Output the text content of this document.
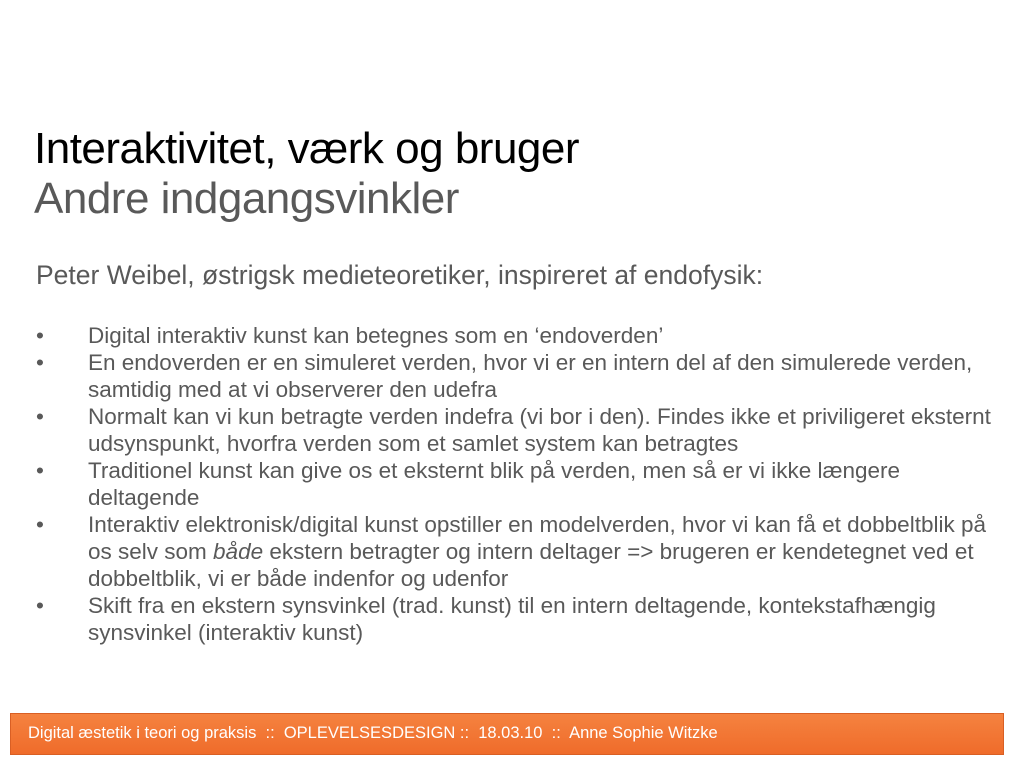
Interaktivitet, værk og bruger
Andre indgangsvinkler
Peter Weibel, østrigsk medieteoretiker, inspireret af endofysik:
•	Digital interaktiv kunst kan betegnes som en ‘endoverden’
•	En endoverden er en simuleret verden, hvor vi er en intern del af den simulerede verden, samtidig med at vi observerer den udefra
•	Normalt kan vi kun betragte verden indefra (vi bor i den). Findes ikke et priviligeret eksternt udsynspunkt, hvorfra verden som et samlet system kan betragtes
•	Traditionel kunst kan give os et eksternt blik på verden, men så er vi ikke længere deltagende
•	Interaktiv elektronisk/digital kunst opstiller en modelverden, hvor vi kan få et dobbeltblik på os selv som både ekstern betragter og intern deltager => brugeren er kendetegnet ved et dobbeltblik, vi er både indenfor og udenfor
•	Skift fra en ekstern synsvinkel (trad. kunst) til en intern deltagende, kontekstafhængig synsvinkel (interaktiv kunst)
Digital æstetik i teori og praksis  ::  OPLEVELSESDESIGN ::  18.03.10  ::  Anne Sophie Witzke
